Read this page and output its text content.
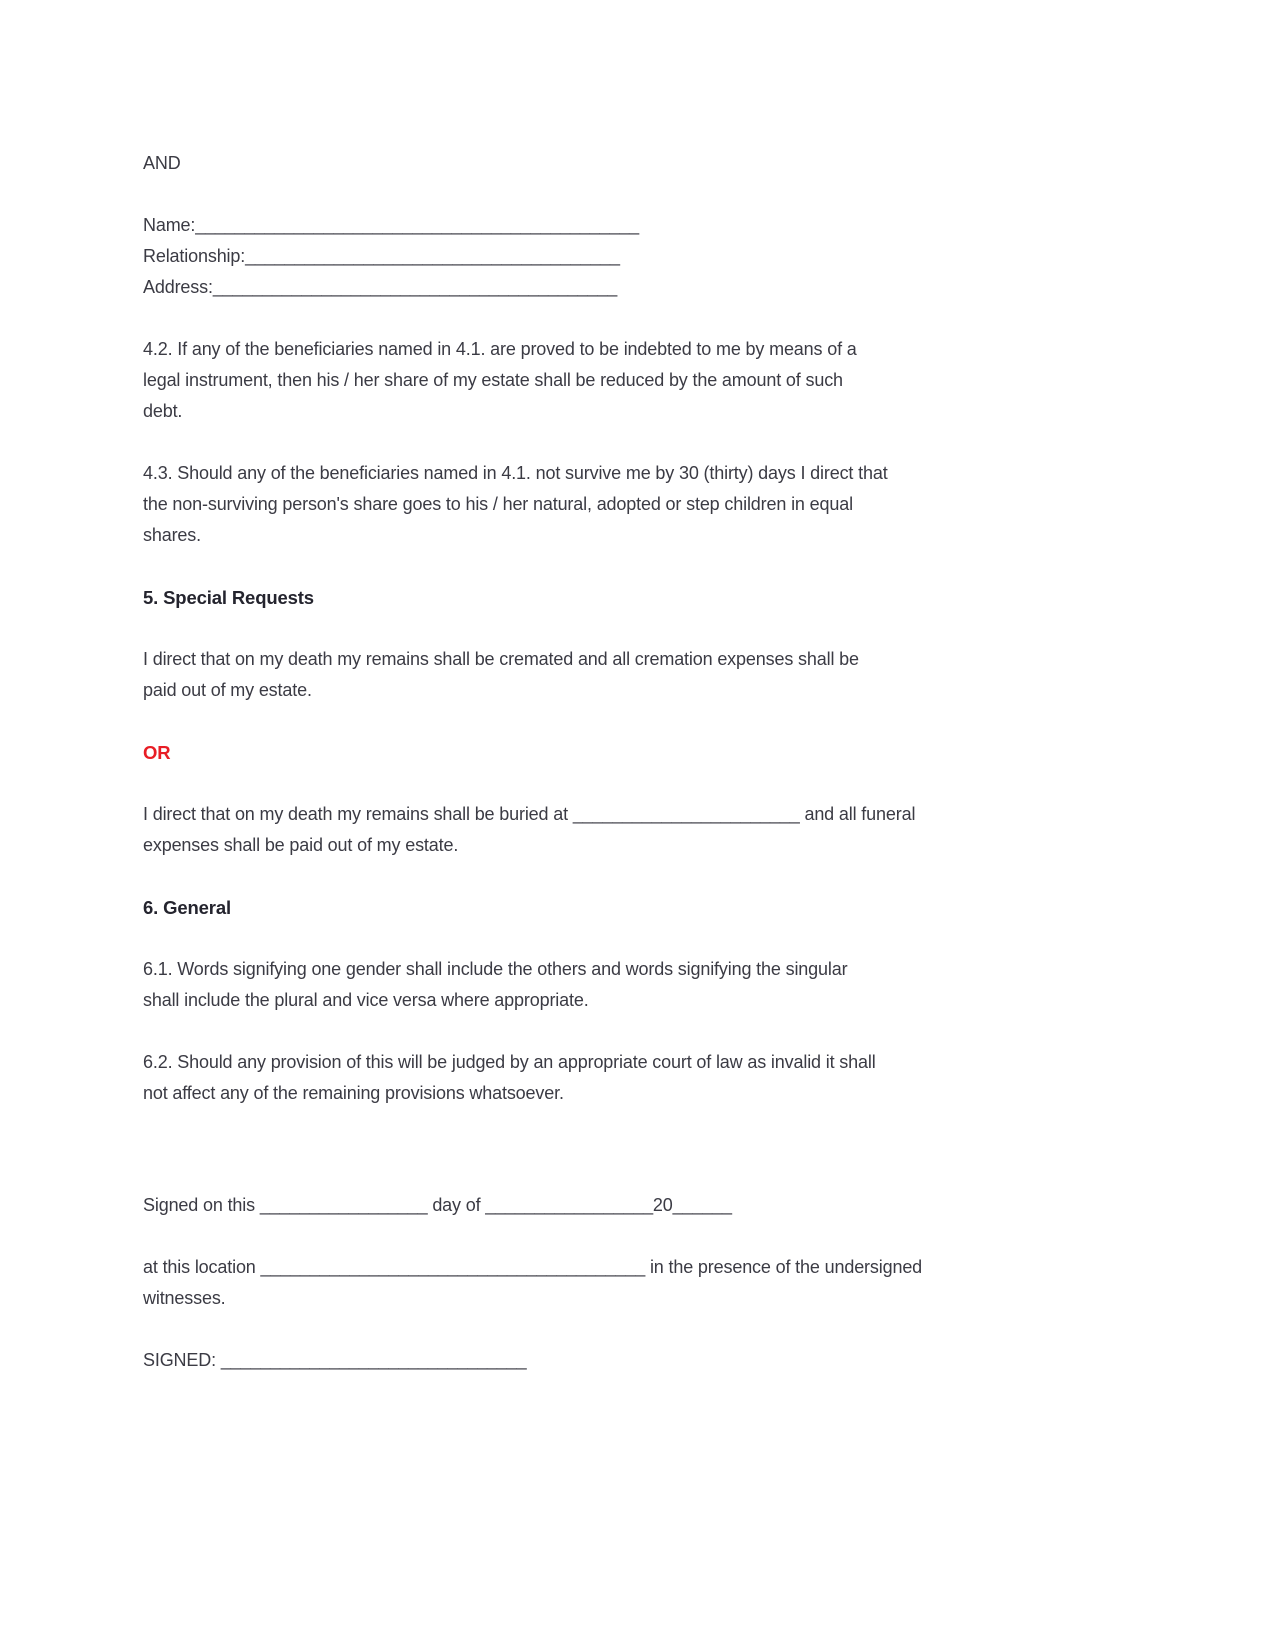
AND
Name:_____________________________________________
Relationship:______________________________________
Address:_________________________________________
4.2. If any of the beneficiaries named in 4.1. are proved to be indebted to me by means of a
legal instrument, then his / her share of my estate shall be reduced by the amount of such
debt.
4.3. Should any of the beneficiaries named in 4.1. not survive me by 30 (thirty) days I direct that
the non-surviving person's share goes to his / her natural, adopted or step children in equal
shares.
5. Special Requests
I direct that on my death my remains shall be cremated and all cremation expenses shall be
paid out of my estate.
OR
I direct that on my death my remains shall be buried at _______________________ and all funeral
expenses shall be paid out of my estate.
6. General
6.1. Words signifying one gender shall include the others and words signifying the singular
shall include the plural and vice versa where appropriate.
6.2. Should any provision of this will be judged by an appropriate court of law as invalid it shall
not affect any of the remaining provisions whatsoever.
Signed on this _________________ day of _________________20______
at this location _______________________________________ in the presence of the undersigned
witnesses.
SIGNED: _______________________________
